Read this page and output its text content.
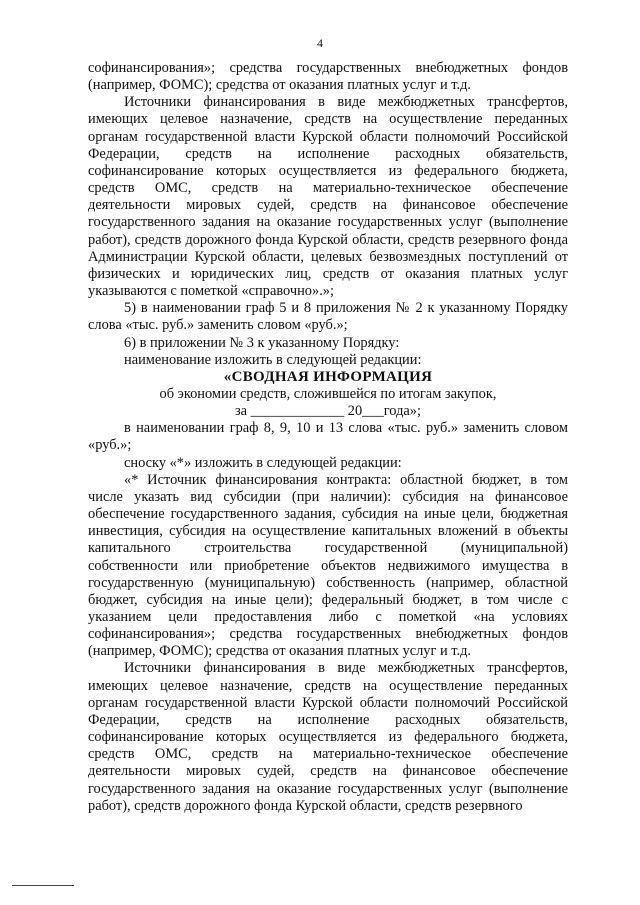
4

софинансирования»; средства государственных внебюджетных фондов (например, ФОМС); средства от оказания платных услуг и т.д.

Источники финансирования в виде межбюджетных трансфертов, имеющих целевое назначение, средств на осуществление переданных органам государственной власти Курской области полномочий Российской Федерации, средств на исполнение расходных обязательств, софинансирование которых осуществляется из федерального бюджета, средств ОМС, средств на материально-техническое обеспечение деятельности мировых судей, средств на финансовое обеспечение государственного задания на оказание государственных услуг (выполнение работ), средств дорожного фонда Курской области, средств резервного фонда Администрации Курской области, целевых безвозмездных поступлений от физических и юридических лиц, средств от оказания платных услуг указываются с пометкой «справочно».»;

5) в наименовании граф 5 и 8 приложения № 2 к указанному Порядку слова «тыс. руб.» заменить словом «руб.»;

6) в приложении № 3 к указанному Порядку:

наименование изложить в следующей редакции:

«СВОДНАЯ ИНФОРМАЦИЯ

об экономии средств, сложившейся по итогам закупок,

за _____________ 20___года»;

в наименовании граф 8, 9, 10 и 13 слова «тыс. руб.» заменить словом «руб.»;

сноску «*» изложить в следующей редакции:

«* Источник финансирования контракта: областной бюджет, в том числе указать вид субсидии (при наличии): субсидия на финансовое обеспечение государственного задания, субсидия на иные цели, бюджетная инвестиция, субсидия на осуществление капитальных вложений в объекты капитального строительства государственной (муниципальной) собственности или приобретение объектов недвижимого имущества в государственную (муниципальную) собственность (например, областной бюджет, субсидия на иные цели); федеральный бюджет, в том числе с указанием цели предоставления либо с пометкой «на условиях софинансирования»; средства государственных внебюджетных фондов (например, ФОМС); средства от оказания платных услуг и т.д.

Источники финансирования в виде межбюджетных трансфертов, имеющих целевое назначение, средств на осуществление переданных органам государственной власти Курской области полномочий Российской Федерации, средств на исполнение расходных обязательств, софинансирование которых осуществляется из федерального бюджета, средств ОМС, средств на материально-техническое обеспечение деятельности мировых судей, средств на финансовое обеспечение государственного задания на оказание государственных услуг (выполнение работ), средств дорожного фонда Курской области, средств резервного
